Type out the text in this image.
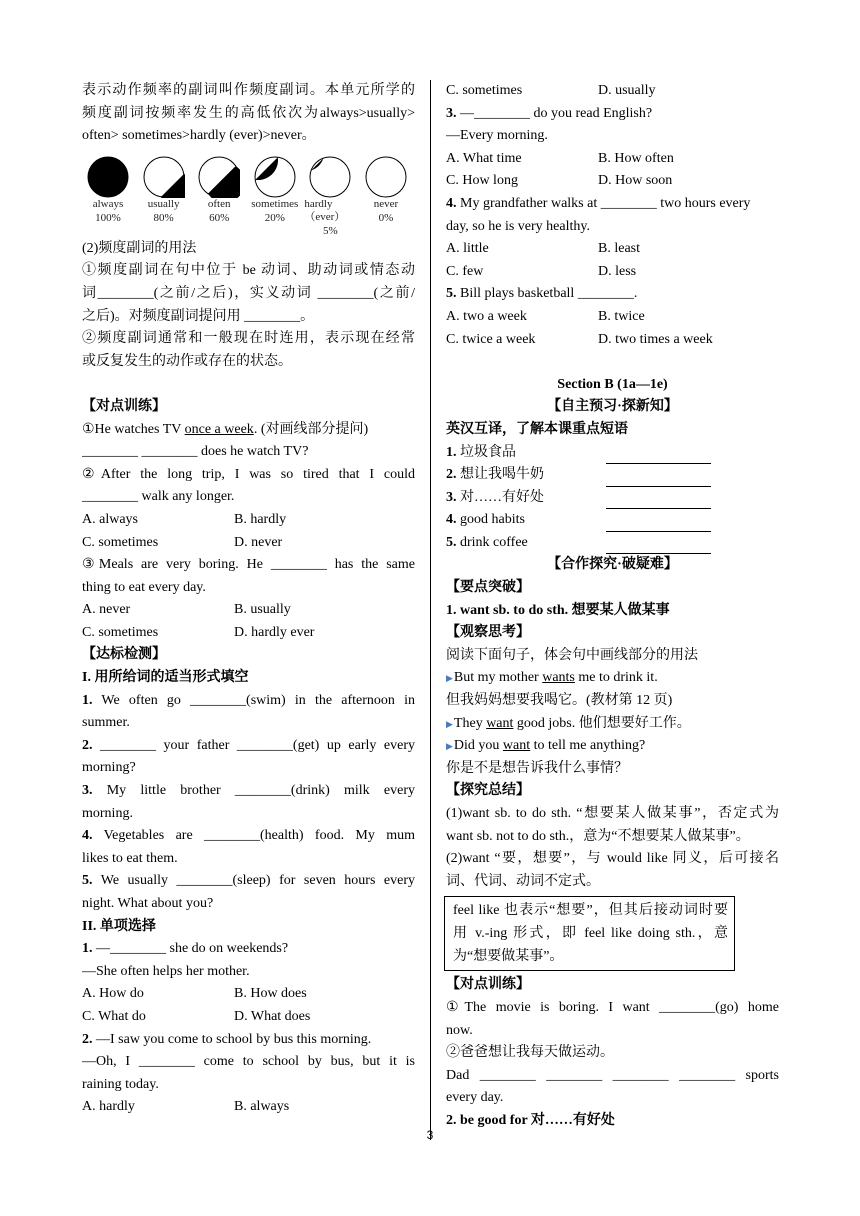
表示动作频率的副词叫作频度副词。本单元所学的
频度副词按频率发生的高低依次为always>usually>
often> sometimes>hardly (ever)>never。
always
100%
usually
80%
often
60%
sometimes
20%
hardly（ever）
5%
never
0%
(2)频度副词的用法
①频度副词在句中位于 be 动词、助动词或情态动
词________(之前/之后)，实义动词 ________(之前/
之后)。对频度副词提问用 ________。
②频度副词通常和一般现在时连用，表示现在经常
或反复发生的动作或存在的状态。
【对点训练】
①He watches TV once a week. (对画线部分提问)
________ ________ does he watch TV?
②After the long trip, I was so tired that I could
________ walk any longer.
A. always	B. hardly
C. sometimes	D. never
③Meals are very boring. He ________ has the same
thing to eat every day.
A. never	B. usually
C. sometimes	D. hardly ever
【达标检测】
I. 用所给词的适当形式填空
1. We often go ________(swim) in the afternoon in
summer.
2. ________ your father ________(get) up early every
morning?
3. My little brother ________(drink) milk every
morning.
4. Vegetables are ________(health) food. My mum
likes to eat them.
5. We usually ________(sleep) for seven hours every
night. What about you?
II. 单项选择
1. —________ she do on weekends?
—She often helps her mother.
A. How do	B. How does
C. What do	D. What does
2. —I saw you come to school by bus this morning.
—Oh, I ________ come to school by bus, but it is
raining today.
A. hardly	B. always
C. sometimes	D. usually
3. —________ do you read English?
—Every morning.
A. What time	B. How often
C. How long	D. How soon
4. My grandfather walks at ________ two hours every
day, so he is very healthy.
A. little	B. least
C. few	D. less
5. Bill plays basketball ________.
A. two a week	B. twice
C. twice a week	D. two times a week
Section B (1a—1e)
【自主预习·探新知】
英汉互译，了解本课重点短语
1. 垃圾食品
2. 想让我喝牛奶
3. 对……有好处
4. good habits
5. drink coffee
【合作探究·破疑难】
【要点突破】
1. want sb. to do sth. 想要某人做某事
【观察思考】
阅读下面句子，体会句中画线部分的用法
▶But my mother wants me to drink it.
但我妈妈想要我喝它。(教材第 12 页)
▶They want good jobs. 他们想要好工作。
▶Did you want to tell me anything?
你是不是想告诉我什么事情？
【探究总结】
(1)want sb. to do sth. “想要某人做某事”，否定式为
want sb. not to do sth.，意为“不想要某人做某事”。
(2)want “要，想要”，与 would like 同义，后可接名
词、代词、动词不定式。
feel like 也表示“想要”，但其后接动词时要
用 v.-ing 形式，即 feel like doing sth.，意
为“想要做某事”。
【对点训练】
①The movie is boring. I want ________(go) home
now.
②爸爸想让我每天做运动。
Dad ________ ________ ________ ________ sports
every day.
2. be good for 对……有好处
3
